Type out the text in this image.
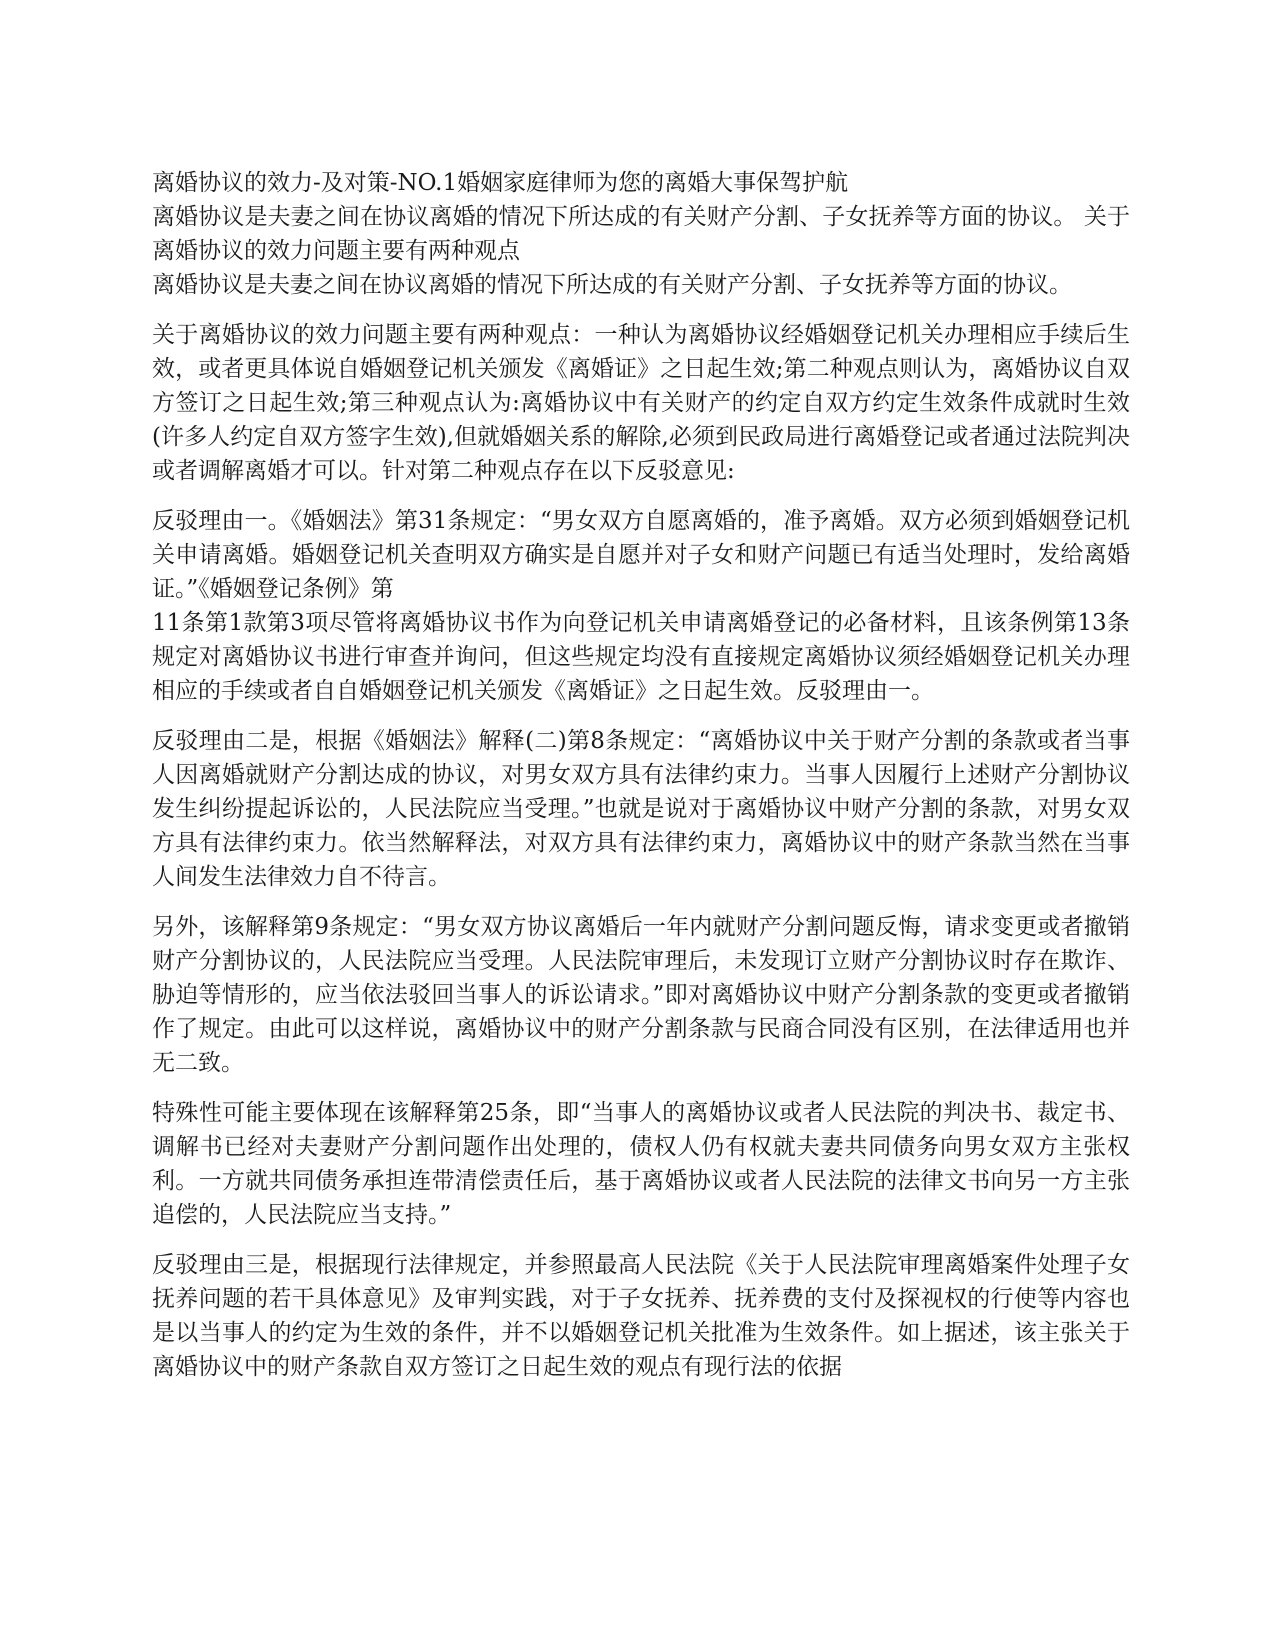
离婚协议的效力-及对策-NO.1婚姻家庭律师为您的离婚大事保驾护航

离婚协议是夫妻之间在协议离婚的情况下所达成的有关财产分割、子女抚养等方面的协议。 关于离婚协议的效力问题主要有两种观点

离婚协议是夫妻之间在协议离婚的情况下所达成的有关财产分割、子女抚养等方面的协议。

关于离婚协议的效力问题主要有两种观点：一种认为离婚协议经婚姻登记机关办理相应手续后生效，或者更具体说自婚姻登记机关颁发《离婚证》之日起生效;第二种观点则认为，离婚协议自双方签订之日起生效;第三种观点认为:离婚协议中有关财产的约定自双方约定生效条件成就时生效(许多人约定自双方签字生效),但就婚姻关系的解除,必须到民政局进行离婚登记或者通过法院判决或者调解离婚才可以。针对第二种观点存在以下反驳意见:

反驳理由一。《婚姻法》第31条规定：“男女双方自愿离婚的，准予离婚。双方必须到婚姻登记机关申请离婚。婚姻登记机关查明双方确实是自愿并对子女和财产问题已有适当处理时，发给离婚证。”《婚姻登记条例》第
11条第1款第3项尽管将离婚协议书作为向登记机关申请离婚登记的必备材料，且该条例第13条规定对离婚协议书进行审查并询问，但这些规定均没有直接规定离婚协议须经婚姻登记机关办理相应的手续或者自自婚姻登记机关颁发《离婚证》之日起生效。反驳理由一。

反驳理由二是，根据《婚姻法》解释(二)第8条规定：“离婚协议中关于财产分割的条款或者当事人因离婚就财产分割达成的协议，对男女双方具有法律约束力。当事人因履行上述财产分割协议发生纠纷提起诉讼的，人民法院应当受理。”也就是说对于离婚协议中财产分割的条款，对男女双方具有法律约束力。依当然解释法，对双方具有法律约束力，离婚协议中的财产条款当然在当事人间发生法律效力自不待言。

另外，该解释第9条规定：“男女双方协议离婚后一年内就财产分割问题反悔，请求变更或者撤销财产分割协议的，人民法院应当受理。人民法院审理后，未发现订立财产分割协议时存在欺诈、胁迫等情形的，应当依法驳回当事人的诉讼请求。”即对离婚协议中财产分割条款的变更或者撤销作了规定。由此可以这样说，离婚协议中的财产分割条款与民商合同没有区别，在法律适用也并无二致。

特殊性可能主要体现在该解释第25条，即“当事人的离婚协议或者人民法院的判决书、裁定书、调解书已经对夫妻财产分割问题作出处理的，债权人仍有权就夫妻共同债务向男女双方主张权利。一方就共同债务承担连带清偿责任后，基于离婚协议或者人民法院的法律文书向另一方主张追偿的，人民法院应当支持。”

反驳理由三是，根据现行法律规定，并参照最高人民法院《关于人民法院审理离婚案件处理子女抚养问题的若干具体意见》及审判实践，对于子女抚养、抚养费的支付及探视权的行使等内容也是以当事人的约定为生效的条件，并不以婚姻登记机关批准为生效条件。如上据述，该主张关于离婚协议中的财产条款自双方签订之日起生效的观点有现行法的依据
